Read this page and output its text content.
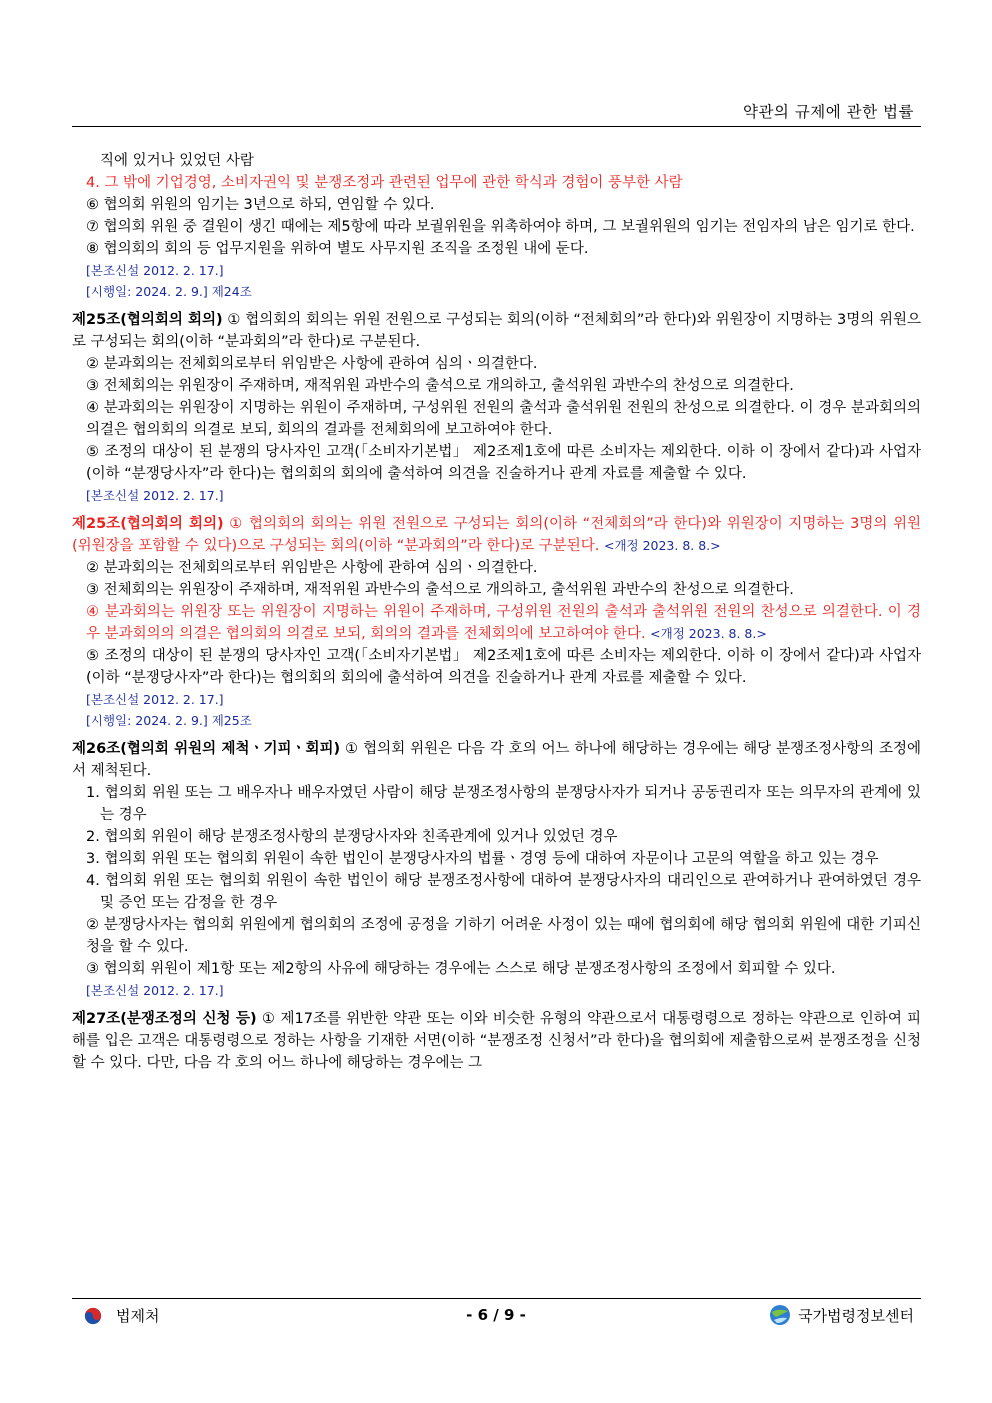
약관의 규제에 관한 법률

직에 있거나 있었던 사람

4. 그 밖에 기업경영, 소비자권익 및 분쟁조정과 관련된 업무에 관한 학식과 경험이 풍부한 사람

⑥ 협의회 위원의 임기는 3년으로 하되, 연임할 수 있다.

⑦ 협의회 위원 중 결원이 생긴 때에는 제5항에 따라 보궐위원을 위촉하여야 하며, 그 보궐위원의 임기는 전임자의 남은 임기로 한다.

⑧ 협의회의 회의 등 업무지원을 위하여 별도 사무지원 조직을 조정원 내에 둔다.

[본조신설 2012. 2. 17.]
[시행일: 2024. 2. 9.] 제24조

제25조(협의회의 회의) ① 협의회의 회의는 위원 전원으로 구성되는 회의(이하 “전체회의”라 한다)와 위원장이 지명하는 3명의 위원으로 구성되는 회의(이하 “분과회의”라 한다)로 구분된다.

② 분과회의는 전체회의로부터 위임받은 사항에 관하여 심의ㆍ의결한다.

③ 전체회의는 위원장이 주재하며, 재적위원 과반수의 출석으로 개의하고, 출석위원 과반수의 찬성으로 의결한다.

④ 분과회의는 위원장이 지명하는 위원이 주재하며, 구성위원 전원의 출석과 출석위원 전원의 찬성으로 의결한다. 이 경우 분과회의의 의결은 협의회의 의결로 보되, 회의의 결과를 전체회의에 보고하여야 한다.

⑤ 조정의 대상이 된 분쟁의 당사자인 고객(「소비자기본법」 제2조제1호에 따른 소비자는 제외한다. 이하 이 장에서 같다)과 사업자(이하 “분쟁당사자”라 한다)는 협의회의 회의에 출석하여 의견을 진술하거나 관계 자료를 제출할 수 있다.

[본조신설 2012. 2. 17.]

제25조(협의회의 회의) ① 협의회의 회의는 위원 전원으로 구성되는 회의(이하 “전체회의”라 한다)와 위원장이 지명하는 3명의 위원(위원장을 포함할 수 있다)으로 구성되는 회의(이하 “분과회의”라 한다)로 구분된다. <개정 2023. 8. 8.>

② 분과회의는 전체회의로부터 위임받은 사항에 관하여 심의ㆍ의결한다.

③ 전체회의는 위원장이 주재하며, 재적위원 과반수의 출석으로 개의하고, 출석위원 과반수의 찬성으로 의결한다.

④ 분과회의는 위원장 또는 위원장이 지명하는 위원이 주재하며, 구성위원 전원의 출석과 출석위원 전원의 찬성으로 의결한다. 이 경우 분과회의의 의결은 협의회의 의결로 보되, 회의의 결과를 전체회의에 보고하여야 한다. <개정 2023. 8. 8.>

⑤ 조정의 대상이 된 분쟁의 당사자인 고객(「소비자기본법」 제2조제1호에 따른 소비자는 제외한다. 이하 이 장에서 같다)과 사업자(이하 “분쟁당사자”라 한다)는 협의회의 회의에 출석하여 의견을 진술하거나 관계 자료를 제출할 수 있다.

[본조신설 2012. 2. 17.]
[시행일: 2024. 2. 9.] 제25조

제26조(협의회 위원의 제척ㆍ기피ㆍ회피) ① 협의회 위원은 다음 각 호의 어느 하나에 해당하는 경우에는 해당 분쟁조정사항의 조정에서 제척된다.

1. 협의회 위원 또는 그 배우자나 배우자였던 사람이 해당 분쟁조정사항의 분쟁당사자가 되거나 공동권리자 또는 의무자의 관계에 있는 경우

2. 협의회 위원이 해당 분쟁조정사항의 분쟁당사자와 친족관계에 있거나 있었던 경우

3. 협의회 위원 또는 협의회 위원이 속한 법인이 분쟁당사자의 법률ㆍ경영 등에 대하여 자문이나 고문의 역할을 하고 있는 경우

4. 협의회 위원 또는 협의회 위원이 속한 법인이 해당 분쟁조정사항에 대하여 분쟁당사자의 대리인으로 관여하거나 관여하였던 경우 및 증언 또는 감정을 한 경우

② 분쟁당사자는 협의회 위원에게 협의회의 조정에 공정을 기하기 어려운 사정이 있는 때에 협의회에 해당 협의회 위원에 대한 기피신청을 할 수 있다.

③ 협의회 위원이 제1항 또는 제2항의 사유에 해당하는 경우에는 스스로 해당 분쟁조정사항의 조정에서 회피할 수 있다.

[본조신설 2012. 2. 17.]

제27조(분쟁조정의 신청 등) ① 제17조를 위반한 약관 또는 이와 비슷한 유형의 약관으로서 대통령령으로 정하는 약관으로 인하여 피해를 입은 고객은 대통령령으로 정하는 사항을 기재한 서면(이하 “분쟁조정 신청서”라 한다)을 협의회에 제출함으로써 분쟁조정을 신청할 수 있다. 다만, 다음 각 호의 어느 하나에 해당하는 경우에는 그

법제처	- 6 / 9 -	국가법령정보센터
